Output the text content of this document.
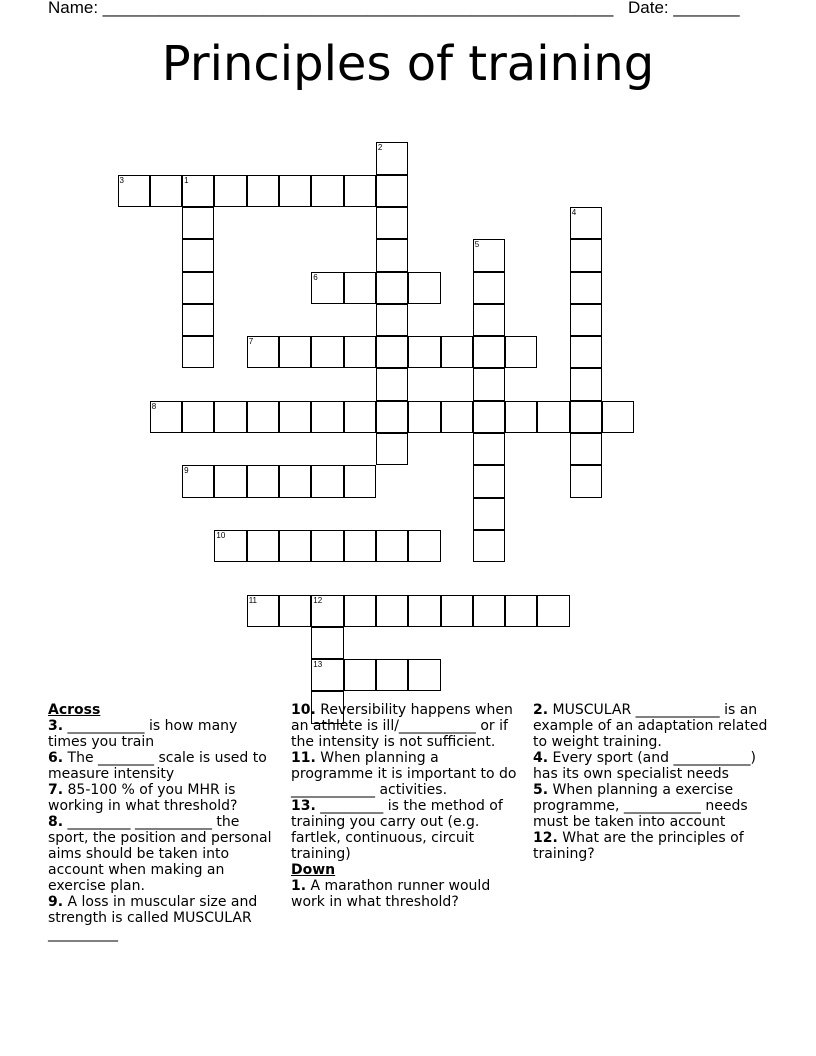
Name: ______________________________________________________ Date: _______
Principles of training
1
2
3
4
5
6
7
8
9
10
11	12
13
Across
3. ___________ is how many times you train
6. The ________ scale is used to measure intensity
7. 85-100 % of you MHR is working in what threshold?
8. _________ ___________ the sport, the position and personal aims should be taken into account when making an exercise plan.
9. A loss in muscular size and strength is called MUSCULAR __________
10. Reversibility happens when an athlete is ill/___________ or if the intensity is not sufficient.
11. When planning a programme it is important to do ____________ activities.
13. _________ is the method of training you carry out (e.g. fartlek, continuous, circuit training)
Down
1. A marathon runner would work in what threshold?
2. MUSCULAR ____________ is an example of an adaptation related to weight training.
4. Every sport (and ___________) has its own specialist needs
5. When planning a exercise programme, ___________ needs must be taken into account
12. What are the principles of training?
